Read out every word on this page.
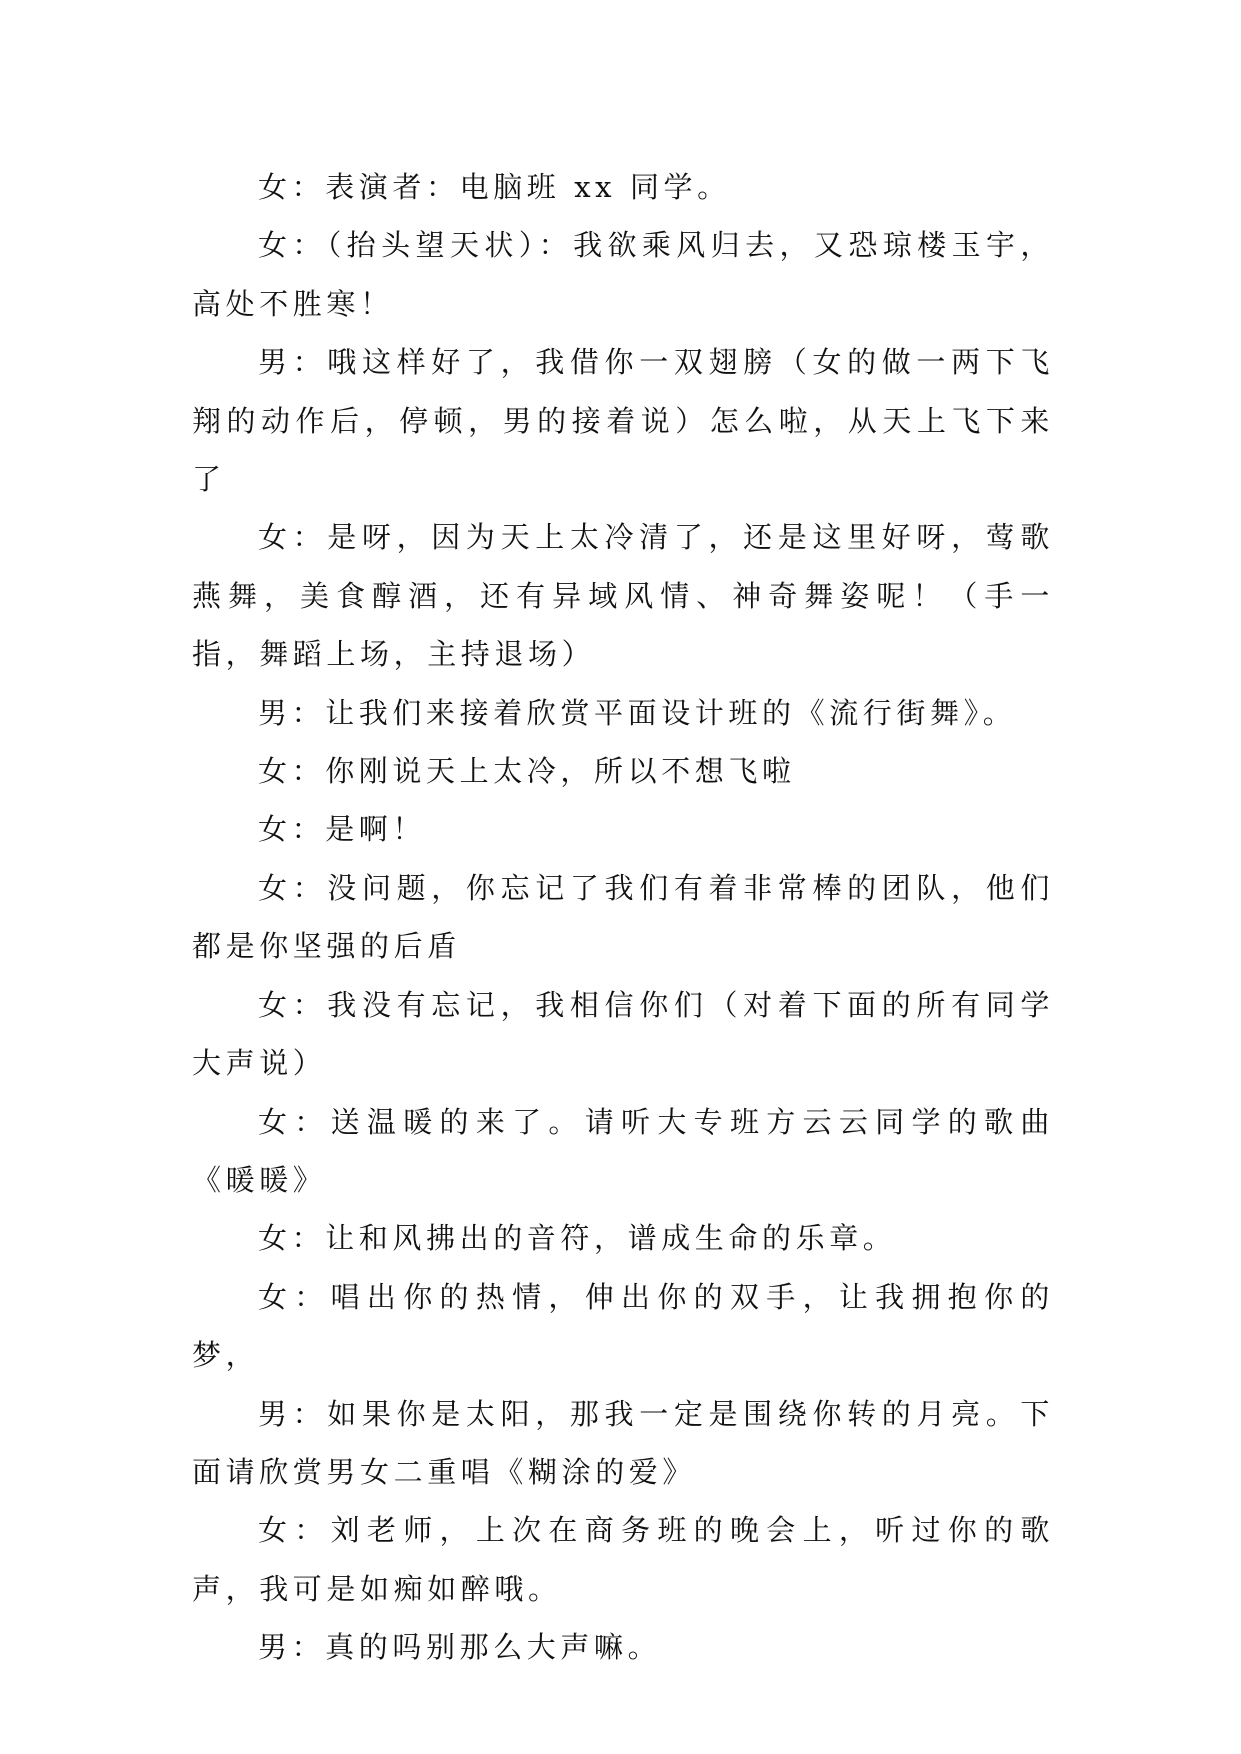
女：表演者：电脑班 xx 同学。

女：（抬头望天状）：我欲乘风归去，又恐琼楼玉宇，高处不胜寒！

男：哦这样好了，我借你一双翅膀（女的做一两下飞翔的动作后，停顿，男的接着说）怎么啦，从天上飞下来了

女：是呀，因为天上太冷清了，还是这里好呀，莺歌燕舞，美食醇酒，还有异域风情、神奇舞姿呢！（手一指，舞蹈上场，主持退场）

男：让我们来接着欣赏平面设计班的《流行街舞》。

女：你刚说天上太冷，所以不想飞啦

女：是啊！

女：没问题，你忘记了我们有着非常棒的团队，他们都是你坚强的后盾

女：我没有忘记，我相信你们（对着下面的所有同学大声说）

女：送温暖的来了。请听大专班方云云同学的歌曲《暖暖》

女：让和风拂出的音符，谱成生命的乐章。

女：唱出你的热情，伸出你的双手，让我拥抱你的梦，

男：如果你是太阳，那我一定是围绕你转的月亮。下面请欣赏男女二重唱《糊涂的爱》

女：刘老师，上次在商务班的晚会上，听过你的歌声，我可是如痴如醉哦。

男：真的吗别那么大声嘛。
